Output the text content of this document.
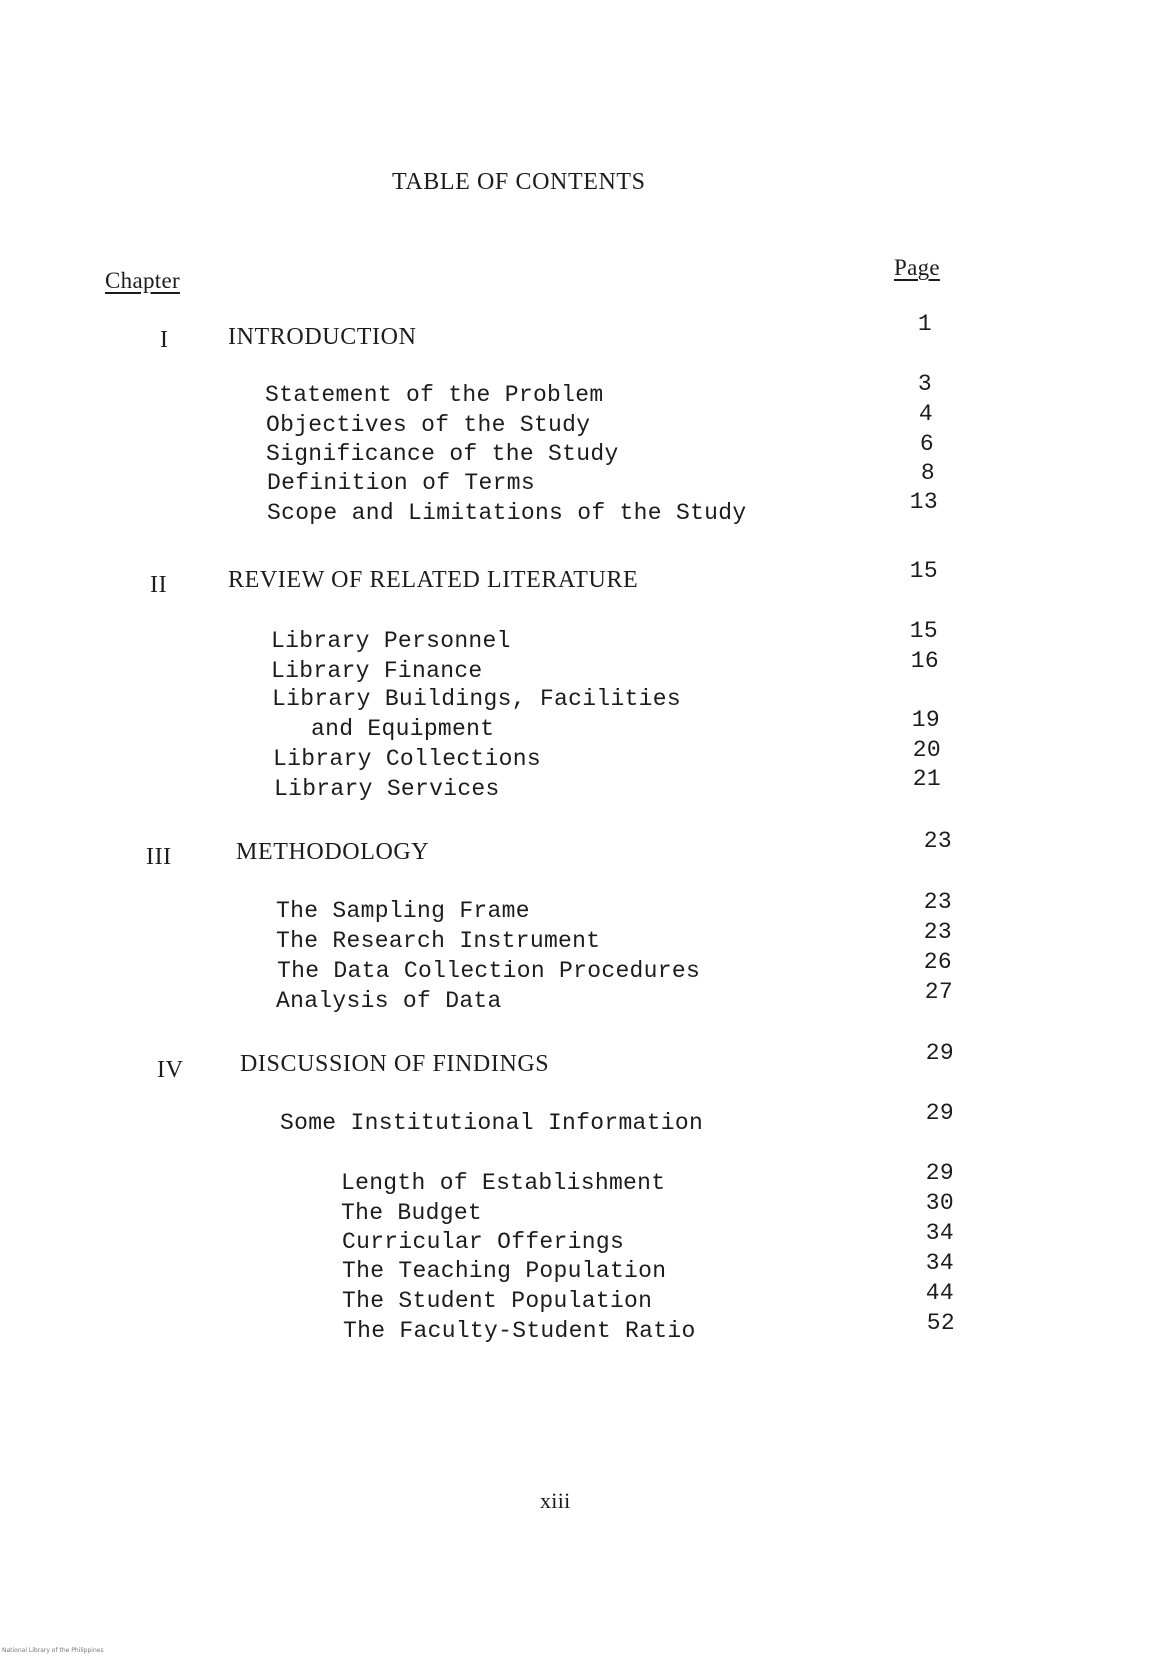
TABLE OF CONTENTS
Chapter
Page
I INTRODUCTION	1
Statement of the Problem	3
Objectives of the Study	4
Significance of the Study	6
Definition of Terms	8
Scope and Limitations of the Study	13
II	REVIEW OF RELATED LITERATURE	15
Library Personnel	15
Library Finance	16
Library Buildings, Facilities
and Equipment	19
Library Collections	20
Library Services	21
III	METHODOLOGY	23
The Sampling Frame	23
The Research Instrument	23
The Data Collection Procedures	26
Analysis of Data	27
IV DISCUSSION OF FINDINGS	29
Some Institutional Information	29
Length of Establishment	29
The Budget	30
Curricular Offerings	34
The Teaching Population	34
The Student Population	44
The Faculty-Student Ratio	52
xiii
National Library of the Philippines
